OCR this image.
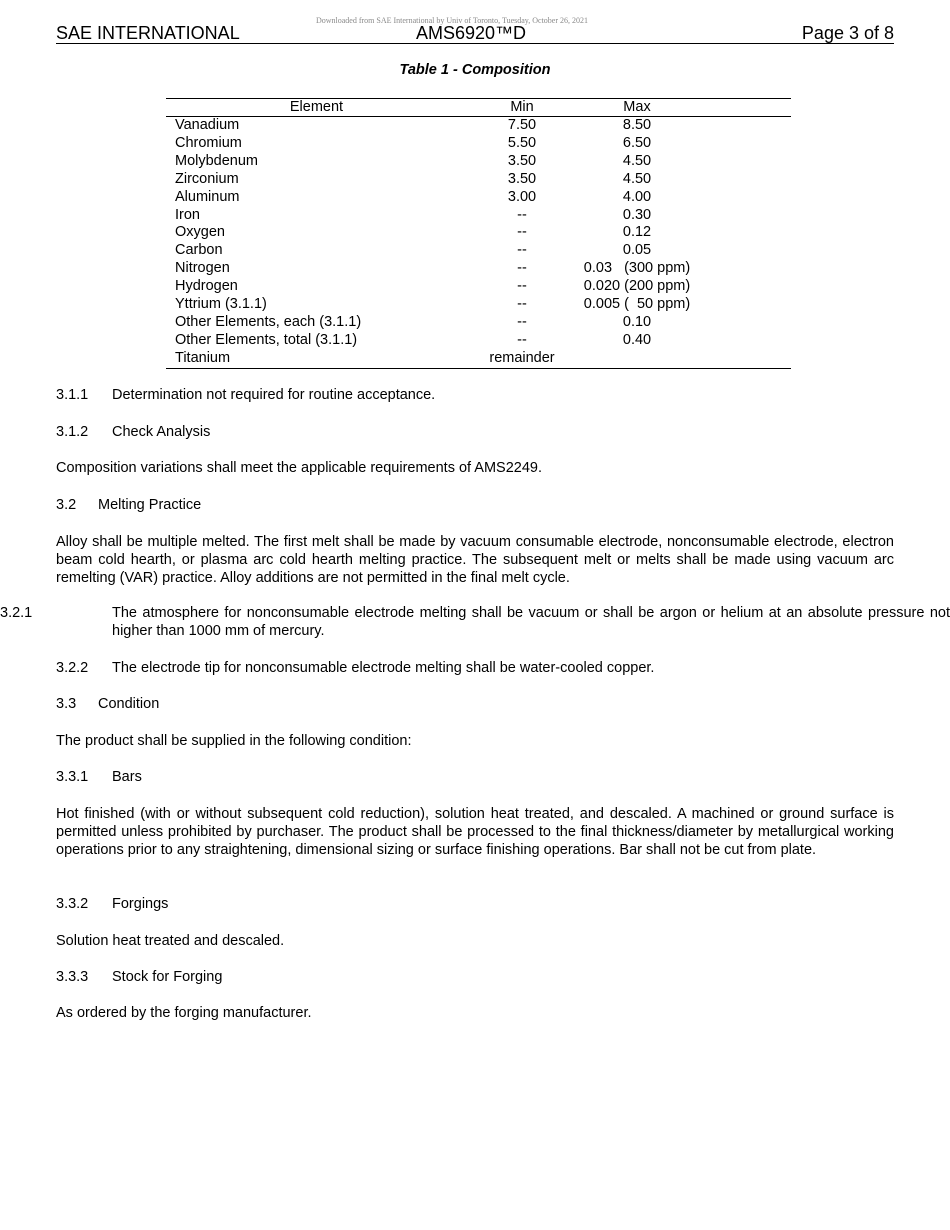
Downloaded from SAE International by Univ of Toronto, Tuesday, October 26, 2021
SAE INTERNATIONAL	AMS6920™D	Page 3 of 8
Table 1 - Composition
Element	Min	Max
Vanadium	7.50	8.50
Chromium	5.50	6.50
Molybdenum	3.50	4.50
Zirconium	3.50	4.50
Aluminum	3.00	4.00
Iron	--	0.30
Oxygen	--	0.12
Carbon	--	0.05
Nitrogen	--	0.03   (300 ppm)
Hydrogen	--	0.020 (200 ppm)
Yttrium (3.1.1)	--	0.005 (  50 ppm)
Other Elements, each (3.1.1)	--	0.10
Other Elements, total (3.1.1)	--	0.40
Titanium	remainder	
3.1.1 Determination not required for routine acceptance.
3.1.2 Check Analysis
Composition variations shall meet the applicable requirements of AMS2249.
3.2 Melting Practice
Alloy shall be multiple melted. The first melt shall be made by vacuum consumable electrode, nonconsumable electrode, electron beam cold hearth, or plasma arc cold hearth melting practice. The subsequent melt or melts shall be made using vacuum arc remelting (VAR) practice. Alloy additions are not permitted in the final melt cycle.
3.2.1	The atmosphere for nonconsumable electrode melting shall be vacuum or shall be argon or helium at an absolute pressure not higher than 1000 mm of mercury.
3.2.2 The electrode tip for nonconsumable electrode melting shall be water-cooled copper.
3.3 Condition
The product shall be supplied in the following condition:
3.3.1 Bars
Hot finished (with or without subsequent cold reduction), solution heat treated, and descaled. A machined or ground surface is permitted unless prohibited by purchaser. The product shall be processed to the final thickness/diameter by metallurgical working operations prior to any straightening, dimensional sizing or surface finishing operations. Bar shall not be cut from plate.
3.3.2 Forgings
Solution heat treated and descaled.
3.3.3 Stock for Forging
As ordered by the forging manufacturer.
